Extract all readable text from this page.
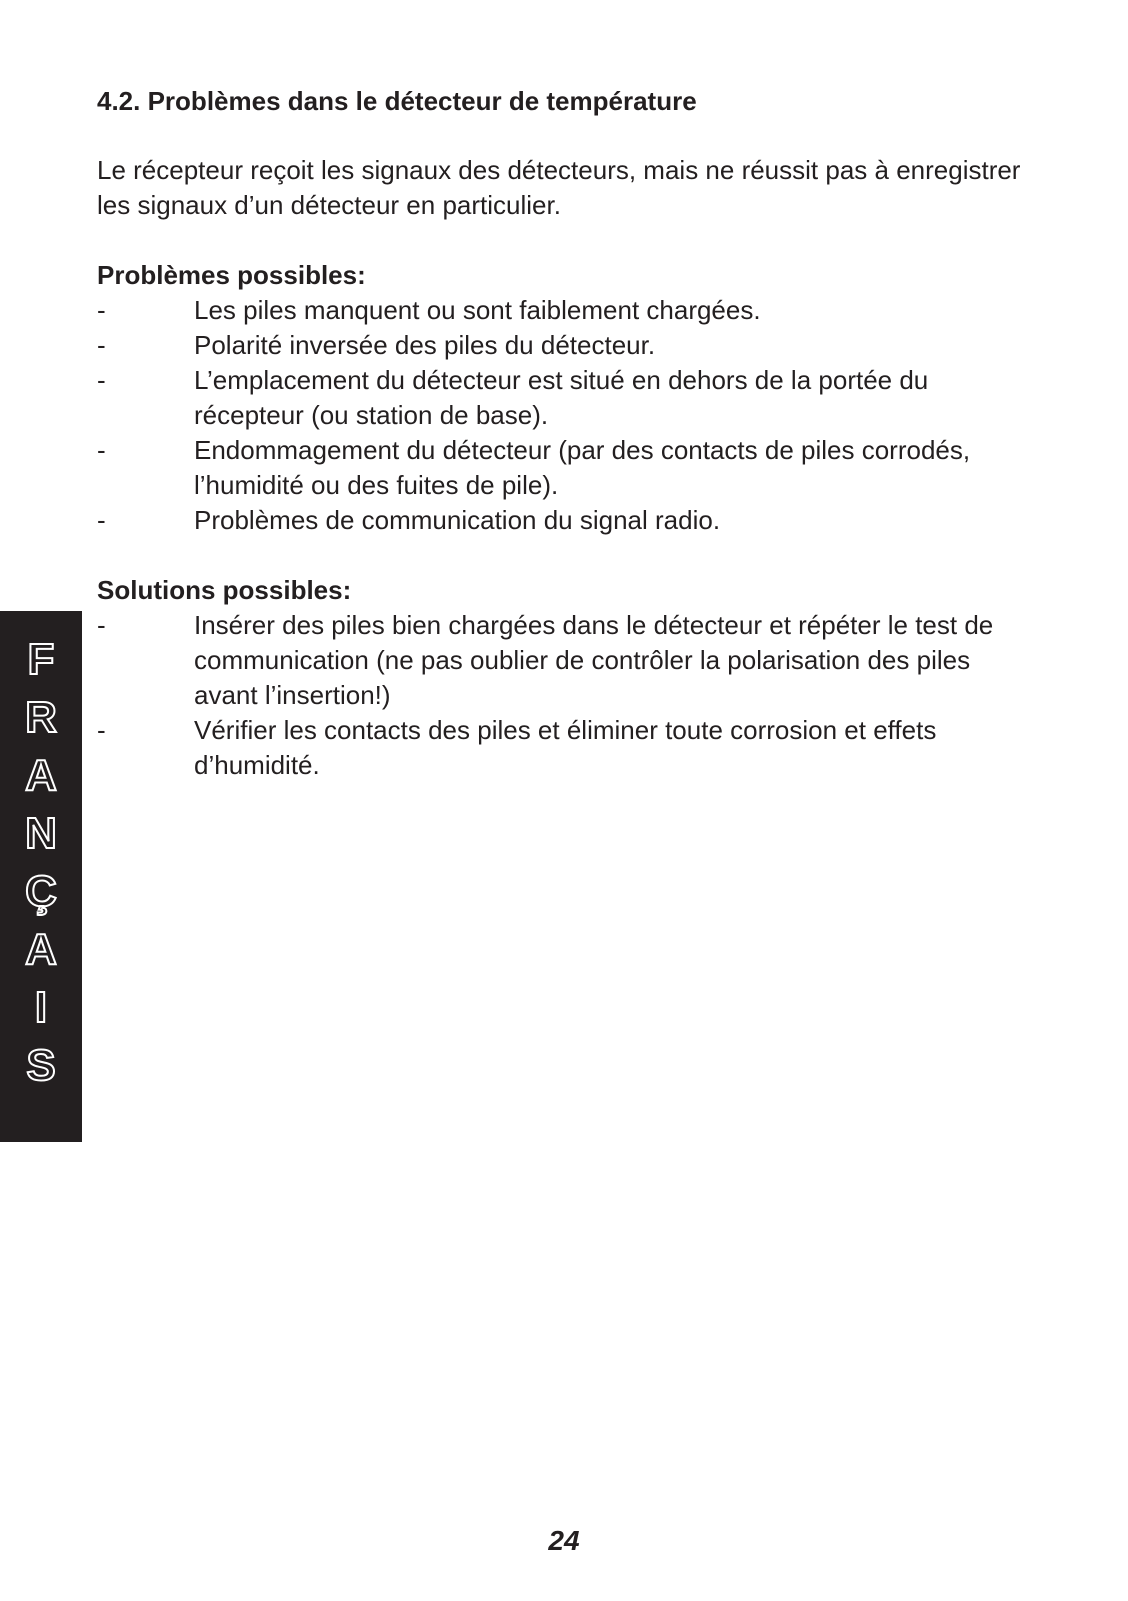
4.2. Problèmes dans le détecteur de température

Le récepteur reçoit les signaux des détecteurs, mais ne réussit pas à enregistrer les signaux d’un détecteur en particulier.

Problèmes possibles:

-	Les piles manquent ou sont faiblement chargées.
-	Polarité inversée des piles du détecteur.
-	L’emplacement du détecteur est situé en dehors de la portée du récepteur (ou station de base).
-	Endommagement du détecteur (par des contacts de piles corrodés, l’humidité ou des fuites de pile).
-	Problèmes de communication du signal radio.

Solutions possibles:

-	Insérer des piles bien chargées dans le détecteur et répéter le test de communication (ne pas oublier de contrôler la polarisation des piles avant l’insertion!)
-	Vérifier les contacts des piles et éliminer toute corrosion et effets d’humidité.
F
R
A
N
Ç
A
I
S
24
